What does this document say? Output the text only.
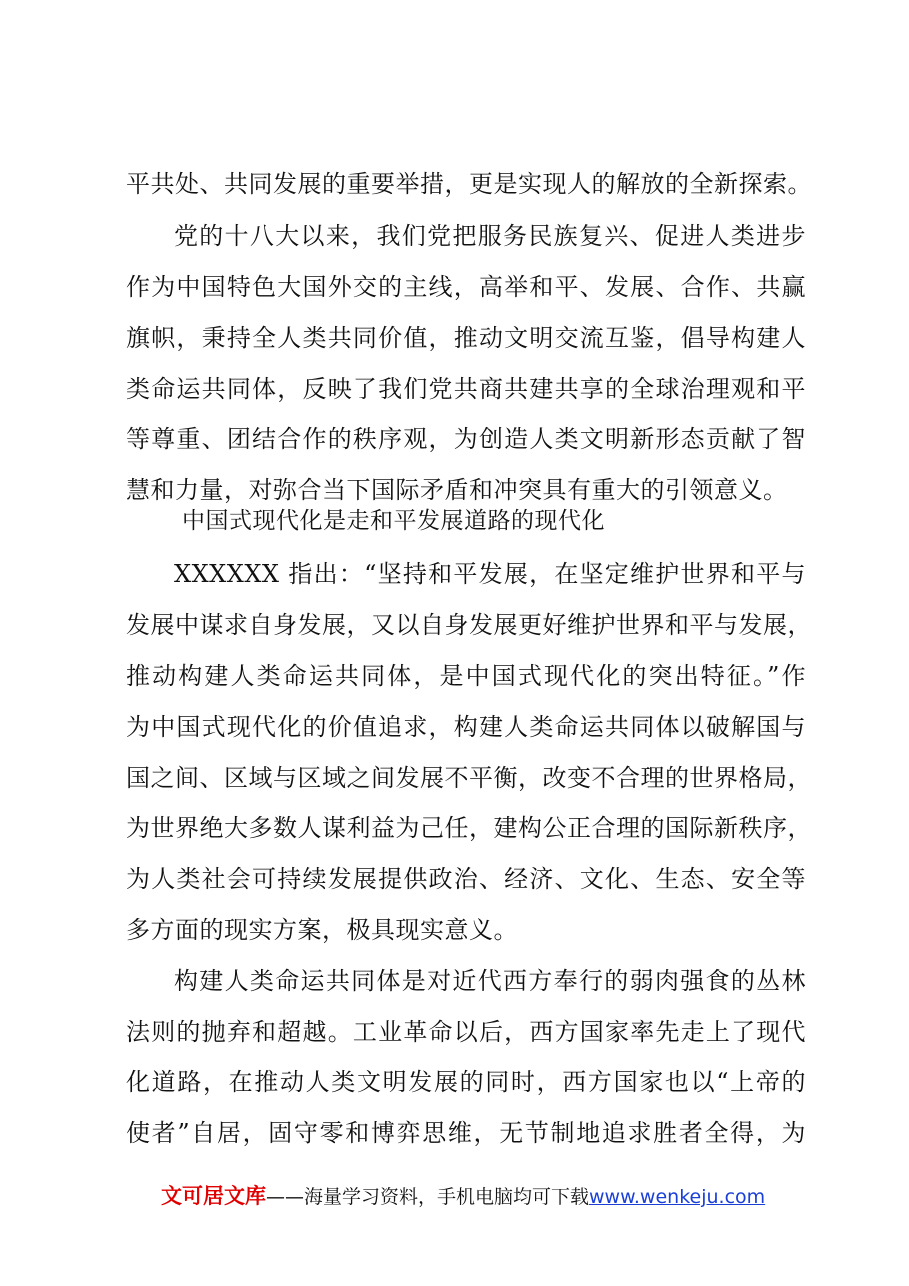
平共处、共同发展的重要举措，更是实现人的解放的全新探索。
党的十八大以来，我们党把服务民族复兴、促进人类进步
作为中国特色大国外交的主线，高举和平、发展、合作、共赢
旗帜，秉持全人类共同价值，推动文明交流互鉴，倡导构建人
类命运共同体，反映了我们党共商共建共享的全球治理观和平
等尊重、团结合作的秩序观，为创造人类文明新形态贡献了智
慧和力量，对弥合当下国际矛盾和冲突具有重大的引领意义。
中国式现代化是走和平发展道路的现代化
XXXXXX 指出：“坚持和平发展，在坚定维护世界和平与
发展中谋求自身发展，又以自身发展更好维护世界和平与发展，
推动构建人类命运共同体，是中国式现代化的突出特征。”作
为中国式现代化的价值追求，构建人类命运共同体以破解国与
国之间、区域与区域之间发展不平衡，改变不合理的世界格局，
为世界绝大多数人谋利益为己任，建构公正合理的国际新秩序，
为人类社会可持续发展提供政治、经济、文化、生态、安全等
多方面的现实方案，极具现实意义。
构建人类命运共同体是对近代西方奉行的弱肉强食的丛林
法则的抛弃和超越。工业革命以后，西方国家率先走上了现代
化道路，在推动人类文明发展的同时，西方国家也以“上帝的
使者”自居，固守零和博弈思维，无节制地追求胜者全得，为
文可居文库——海量学习资料，手机电脑均可下载www.wenkeju.com
